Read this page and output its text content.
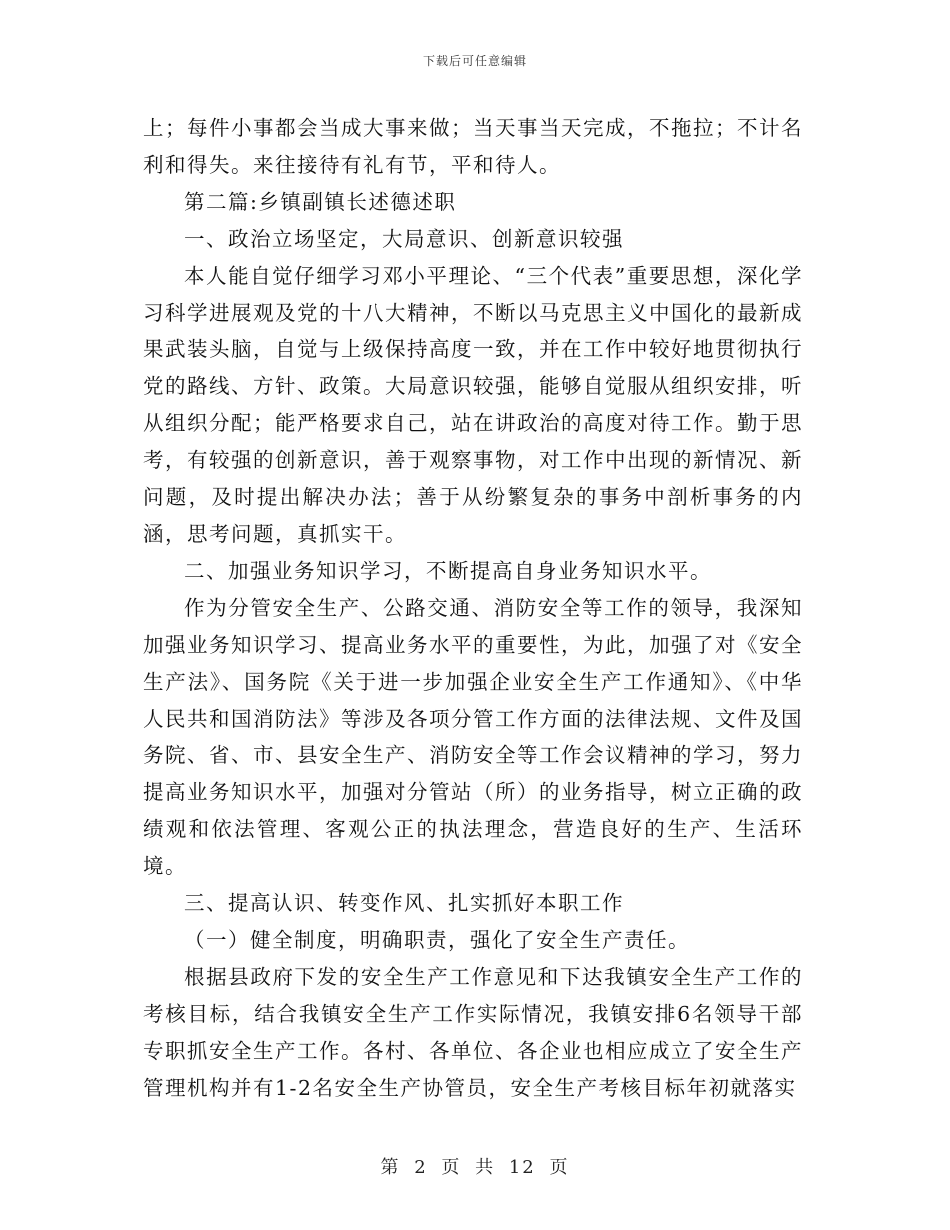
下载后可任意编辑

上；每件小事都会当成大事来做；当天事当天完成，不拖拉；不计名利和得失。来往接待有礼有节，平和待人。

第二篇:乡镇副镇长述德述职

一、政治立场坚定，大局意识、创新意识较强

本人能自觉仔细学习邓小平理论、“三个代表”重要思想，深化学习科学进展观及党的十八大精神，不断以马克思主义中国化的最新成果武装头脑，自觉与上级保持高度一致，并在工作中较好地贯彻执行党的路线、方针、政策。大局意识较强，能够自觉服从组织安排，听从组织分配；能严格要求自己，站在讲政治的高度对待工作。勤于思考，有较强的创新意识，善于观察事物，对工作中出现的新情况、新问题，及时提出解决办法；善于从纷繁复杂的事务中剖析事务的内涵，思考问题，真抓实干。

二、加强业务知识学习，不断提高自身业务知识水平。

作为分管安全生产、公路交通、消防安全等工作的领导，我深知加强业务知识学习、提高业务水平的重要性，为此，加强了对《安全生产法》、国务院《关于进一步加强企业安全生产工作通知》、《中华人民共和国消防法》等涉及各项分管工作方面的法律法规、文件及国务院、省、市、县安全生产、消防安全等工作会议精神的学习，努力提高业务知识水平，加强对分管站（所）的业务指导，树立正确的政绩观和依法管理、客观公正的执法理念，营造良好的生产、生活环境。

三、提高认识、转变作风、扎实抓好本职工作

（一）健全制度，明确职责，强化了安全生产责任。

根据县政府下发的安全生产工作意见和下达我镇安全生产工作的考核目标，结合我镇安全生产工作实际情况，我镇安排6名领导干部专职抓安全生产工作。各村、各单位、各企业也相应成立了安全生产管理机构并有1-2名安全生产协管员，安全生产考核目标年初就落实

第 2 页 共 12 页
